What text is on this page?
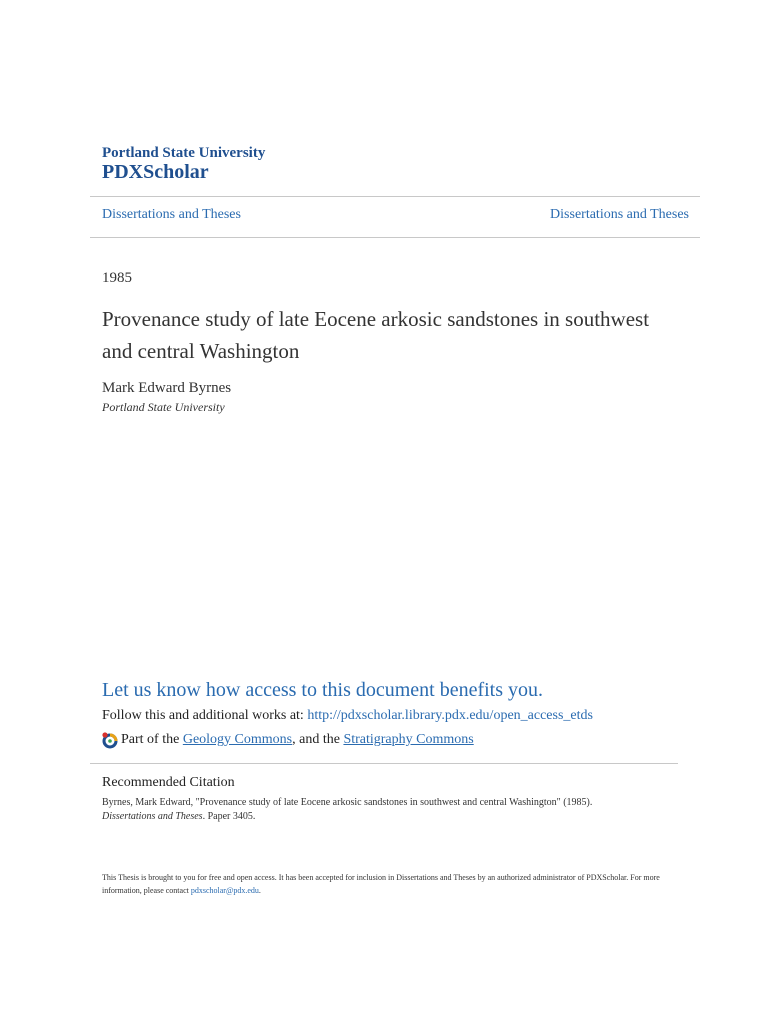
Portland State University
PDXScholar
Dissertations and Theses	Dissertations and Theses
1985
Provenance study of late Eocene arkosic sandstones in southwest and central Washington
Mark Edward Byrnes
Portland State University
Let us know how access to this document benefits you.
Follow this and additional works at: http://pdxscholar.library.pdx.edu/open_access_etds
Part of the Geology Commons, and the Stratigraphy Commons
Recommended Citation
Byrnes, Mark Edward, "Provenance study of late Eocene arkosic sandstones in southwest and central Washington" (1985).
Dissertations and Theses. Paper 3405.
This Thesis is brought to you for free and open access. It has been accepted for inclusion in Dissertations and Theses by an authorized administrator of PDXScholar. For more information, please contact pdxscholar@pdx.edu.
